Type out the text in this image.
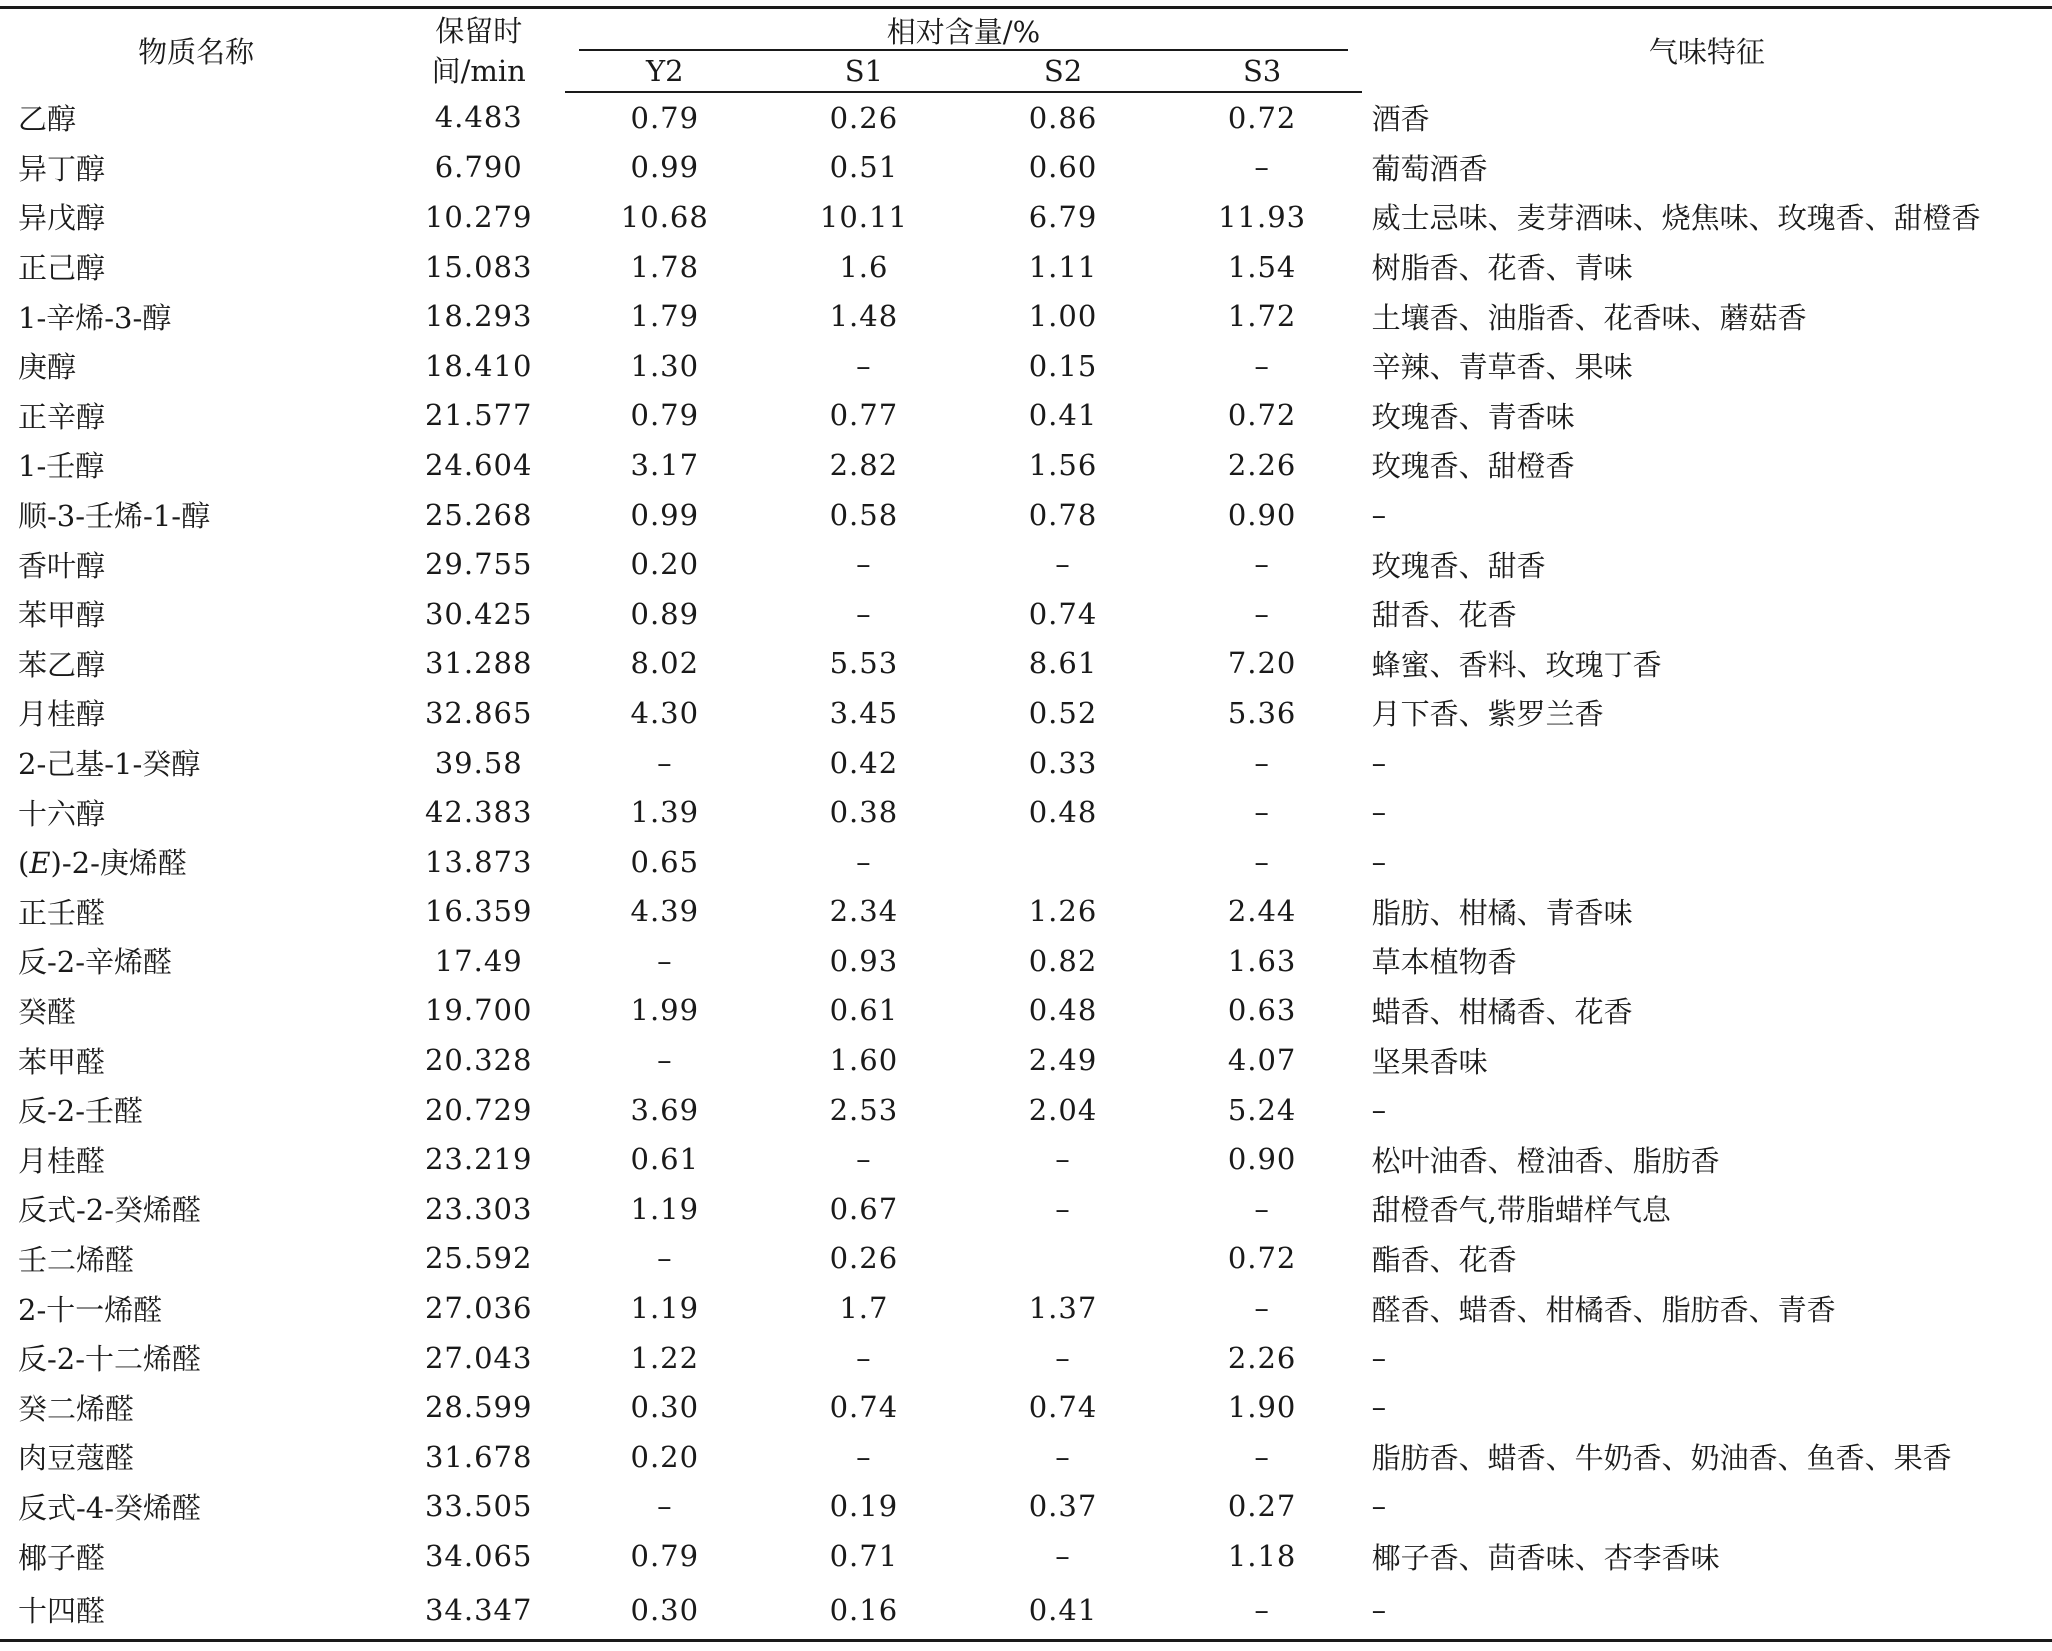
物质名称	保留时
间/min	相对含量/%				气味特征
		Y2	S1	S2	S3	
乙醇	4.483	0.79	0.26	0.86	0.72	酒香
异丁醇	6.790	0.99	0.51	0.60	–	葡萄酒香
异戊醇	10.279	10.68	10.11	6.79	11.93	威士忌味、麦芽酒味、烧焦味、玫瑰香、甜橙香
正己醇	15.083	1.78	1.6	1.11	1.54	树脂香、花香、青味
1-辛烯-3-醇	18.293	1.79	1.48	1.00	1.72	土壤香、油脂香、花香味、蘑菇香
庚醇	18.410	1.30	–	0.15	–	辛辣、青草香、果味
正辛醇	21.577	0.79	0.77	0.41	0.72	玫瑰香、青香味
1-壬醇	24.604	3.17	2.82	1.56	2.26	玫瑰香、甜橙香
顺-3-壬烯-1-醇	25.268	0.99	0.58	0.78	0.90	–
香叶醇	29.755	0.20	–	–	–	玫瑰香、甜香
苯甲醇	30.425	0.89	–	0.74	–	甜香、花香
苯乙醇	31.288	8.02	5.53	8.61	7.20	蜂蜜、香料、玫瑰丁香
月桂醇	32.865	4.30	3.45	0.52	5.36	月下香、紫罗兰香
2-己基-1-癸醇	39.58	–	0.42	0.33	–	–
十六醇	42.383	1.39	0.38	0.48	–	–
(E)-2-庚烯醛	13.873	0.65	–		–	–
正壬醛	16.359	4.39	2.34	1.26	2.44	脂肪、柑橘、青香味
反-2-辛烯醛	17.49	–	0.93	0.82	1.63	草本植物香
癸醛	19.700	1.99	0.61	0.48	0.63	蜡香、柑橘香、花香
苯甲醛	20.328	–	1.60	2.49	4.07	坚果香味
反-2-壬醛	20.729	3.69	2.53	2.04	5.24	–
月桂醛	23.219	0.61	–	–	0.90	松叶油香、橙油香、脂肪香
反式-2-癸烯醛	23.303	1.19	0.67	–	–	甜橙香气,带脂蜡样气息
壬二烯醛	25.592	–	0.26		0.72	酯香、花香
2-十一烯醛	27.036	1.19	1.7	1.37	–	醛香、蜡香、柑橘香、脂肪香、青香
反-2-十二烯醛	27.043	1.22	–	–	2.26	–
癸二烯醛	28.599	0.30	0.74	0.74	1.90	–
肉豆蔻醛	31.678	0.20	–	–	–	脂肪香、蜡香、牛奶香、奶油香、鱼香、果香
反式-4-癸烯醛	33.505	–	0.19	0.37	0.27	–
椰子醛	34.065	0.79	0.71	–	1.18	椰子香、茴香味、杏李香味
十四醛	34.347	0.30	0.16	0.41	–	–
